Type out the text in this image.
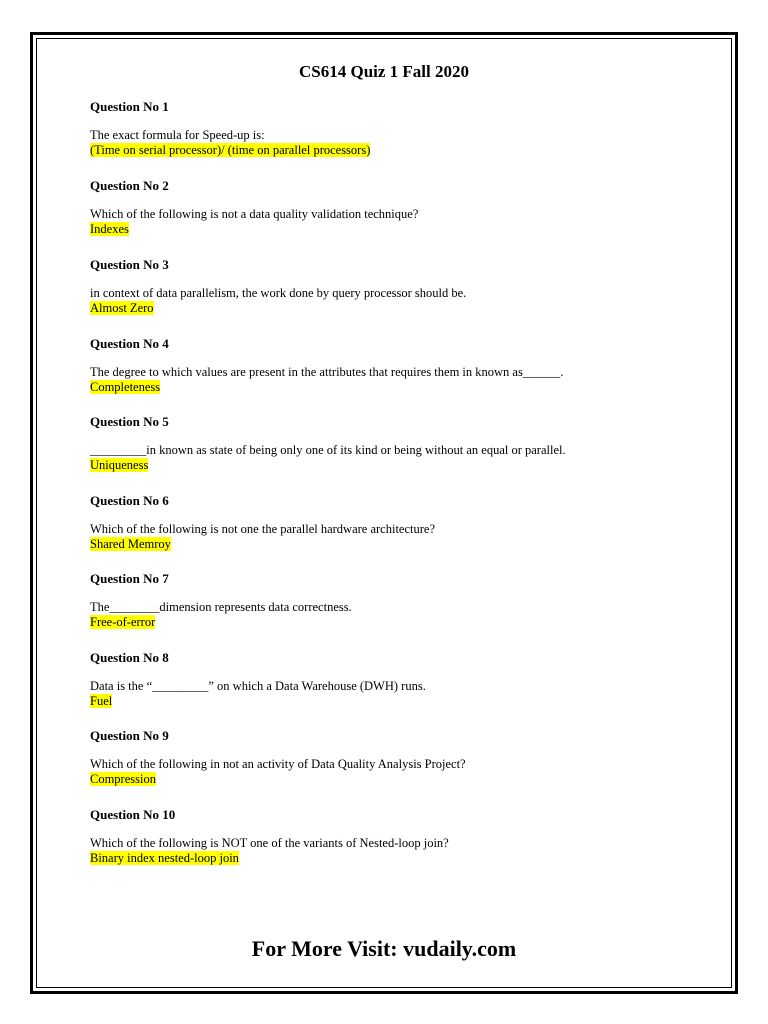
CS614 Quiz 1 Fall 2020
Question No 1
The exact formula for Speed-up is:
(Time on serial processor)/ (time on parallel processors)
Question No 2
Which of the following is not a data quality validation technique?
Indexes
Question No 3
in context of data parallelism, the work done by query processor should be.
Almost Zero
Question No 4
The degree to which values are present in the attributes that requires them in known as______.
Completeness
Question No 5
_________in known as state of being only one of its kind or being without an equal or parallel.
Uniqueness
Question No 6
Which of the following is not one the parallel hardware architecture?
Shared Memroy
Question No 7
The________dimension represents data correctness.
Free-of-error
Question No 8
Data is the “_________” on which a Data Warehouse (DWH) runs.
Fuel
Question No 9
Which of the following in not an activity of Data Quality Analysis Project?
Compression
Question No 10
Which of the following is NOT one of the variants of Nested-loop join?
Binary index nested-loop join
For More Visit: vudaily.com
